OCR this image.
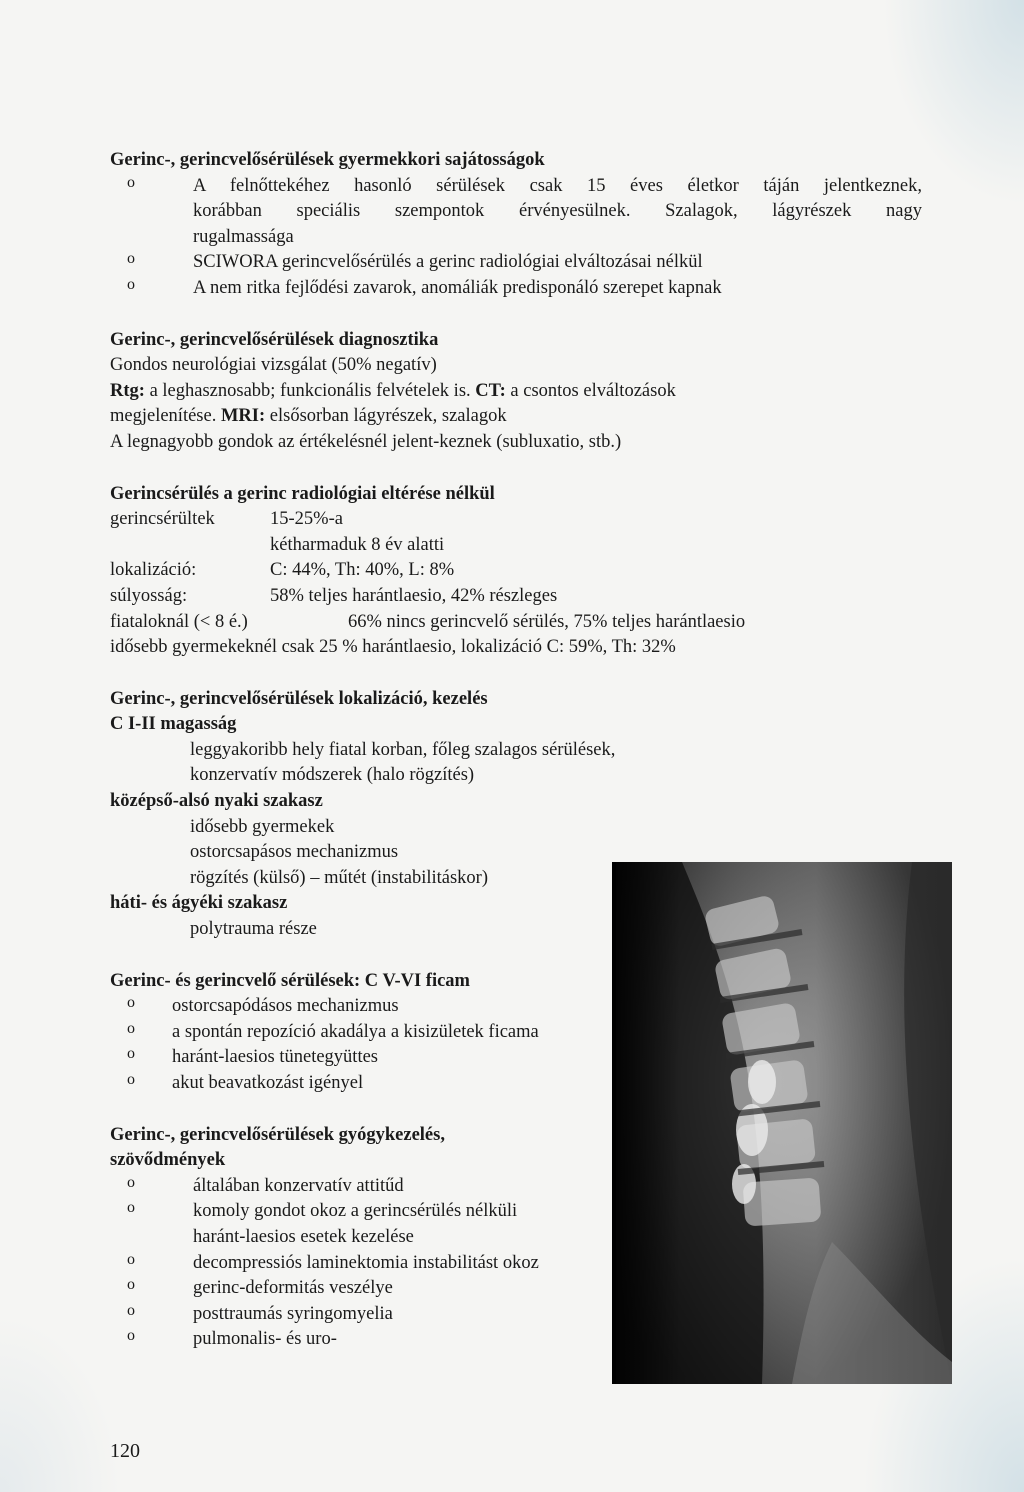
Gerinc-, gerincvelősérülések gyermekkori sajátosságok
o	A felnőttekéhez hasonló sérülések csak 15 éves életkor táján jelentkeznek,
korábban speciális szempontok érvényesülnek. Szalagok, lágyrészek nagy
rugalmassága
o	SCIWORA gerincvelősérülés a gerinc radiológiai elváltozásai nélkül
o	A nem ritka fejlődési zavarok, anomáliák predisponáló szerepet kapnak
Gerinc-, gerincvelősérülések diagnosztika
Gondos neurológiai vizsgálat (50% negatív)
Rtg: a leghasznosabb; funkcionális felvételek is. CT: a csontos elváltozások
megjelenítése. MRI: elsősorban lágyrészek, szalagok
A legnagyobb gondok az értékelésnél jelent-keznek (subluxatio, stb.)
Gerincsérülés a gerinc radiológiai eltérése nélkül
gerincsérültek	15-25%-a
kétharmaduk 8 év alatti
lokalizáció:	C: 44%, Th: 40%, L: 8%
súlyosság:	58% teljes harántlaesio, 42% részleges
fiataloknál (< 8 é.)	66% nincs gerincvelő sérülés, 75% teljes harántlaesio
idősebb gyermekeknél csak 25 % harántlaesio, lokalizáció C: 59%, Th: 32%
Gerinc-, gerincvelősérülések lokalizáció, kezelés
C I-II magasság
leggyakoribb hely fiatal korban, főleg szalagos sérülések,
konzervatív módszerek (halo rögzítés)
középső-alsó nyaki szakasz
idősebb gyermekek
ostorcsapásos mechanizmus
rögzítés (külső) – műtét (instabilitáskor)
háti- és ágyéki szakasz
polytrauma része
Gerinc- és gerincvelő sérülések: C V-VI ficam
o ostorcsapódásos mechanizmus
o a spontán repozíció akadálya a kisizületek ficama
o haránt-laesios tünetegyüttes
o akut beavatkozást igényel
Gerinc-, gerincvelősérülések gyógykezelés,
szövődmények
o	általában konzervatív attitűd
o	komoly gondot okoz a gerincsérülés nélküli
haránt-laesios esetek kezelése
o	decompressiós laminektomia instabilitást okoz
o	gerinc-deformitás veszélye
o	posttraumás syringomyelia
o	pulmonalis- és uro-
120
